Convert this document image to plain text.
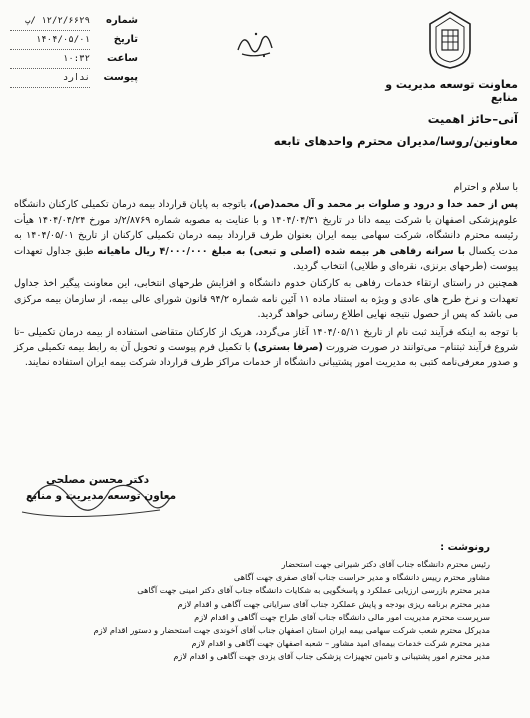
شماره
۱۲/۲/۶۶۲۹ /پ
تاریخ
۱۴۰۴/۰۵/۰۱
ساعت
۱۰:۳۲
پیوست
ندارد	معاونت توسعه مدیریت و منابع
آنی–حائز اهمیت
معاونین/روسا/مدیران محترم واحدهای تابعه

با سلام و احترام

پس از حمد خدا و درود و صلوات بر محمد و آل محمد(ص)، باتوجه به پایان قرارداد بیمه درمان تکمیلی کارکنان دانشگاه علوم‌پزشکی اصفهان با شرکت بیمه دانا در تاریخ ۱۴۰۴/۰۴/۳۱ و با عنایت به مصوبه شماره ۲/۸۷۶۹/د مورخ ۱۴۰۴/۰۴/۲۴ هیأت رئیسه محترم دانشگاه، شرکت سهامی بیمه ایران بعنوان طرف قرارداد بیمه درمان تکمیلی کارکنان از تاریخ ۱۴۰۴/۰۵/۰۱ به مدت یکسال با سرانه رفاهی هر بیمه شده (اصلی و تبعی) به مبلغ ۴/۰۰۰/۰۰۰ ریال ماهیانه طبق جداول تعهدات پیوست (طرحهای برنزی، نقره‌ای و طلایی) انتخاب گردید.

همچنین در راستای ارتقاء خدمات رفاهی به کارکنان خدوم دانشگاه و افزایش طرحهای انتخابی، این معاونت پیگیر اخذ جداول تعهدات و نرخ طرح های عادی و ویژه به استناد ماده ۱۱ آئین نامه شماره ۹۴/۲ قانون شورای عالی بیمه، از سازمان بیمه مرکزی می باشد که پس از حصول نتیجه نهایی اطلاع رسانی خواهد گردید.

با توجه به اینکه فرآیند ثبت نام از تاریخ ۱۴۰۴/۰۵/۱۱ آغاز می‌گردد، هریک از کارکنان متقاضی استفاده از بیمه درمان تکمیلی –تا شروع فرآیند ثبتنام– می‌توانند در صورت ضرورت (صرفا بستری) با تکمیل فرم پیوست و تحویل آن به رابط بیمه تکمیلی مرکز و صدور معرفی‌نامه کتبی به مدیریت امور پشتیبانی دانشگاه از خدمات مراکز طرف قرارداد شرکت بیمه ایران استفاده نمایند.

دکتر محسن مصلحی
معاون توسعه مدیریت و منابع
رونوشت :
رئیس محترم دانشگاه جناب آقای دکتر شیرانی جهت استحضار
مشاور محترم رییس دانشگاه و مدیر حراست جناب آقای صفری جهت آگاهی
مدیر محترم بازرسی ارزیابی عملکرد و پاسخگویی به شکایات دانشگاه جناب آقای دکتر امینی جهت آگاهی
مدیر محترم برنامه ریزی بودجه و پایش عملکرد جناب آقای سرایانی جهت آگاهی و اقدام لازم
سرپرست محترم مدیریت امور مالی دانشگاه جناب آقای طراح جهت آگاهی و اقدام لازم
مدیرکل محترم شعب شرکت سهامی بیمه ایران استان اصفهان جناب آقای آخوندی جهت استحضار و دستور اقدام لازم
مدیر محترم شرکت خدمات بیمه‌ای امید مشاور – شعبه اصفهان جهت آگاهی و اقدام لازم
مدیر محترم امور پشتیبانی و تامین تجهیزات پزشکی جناب آقای یزدی جهت آگاهی و اقدام لازم
